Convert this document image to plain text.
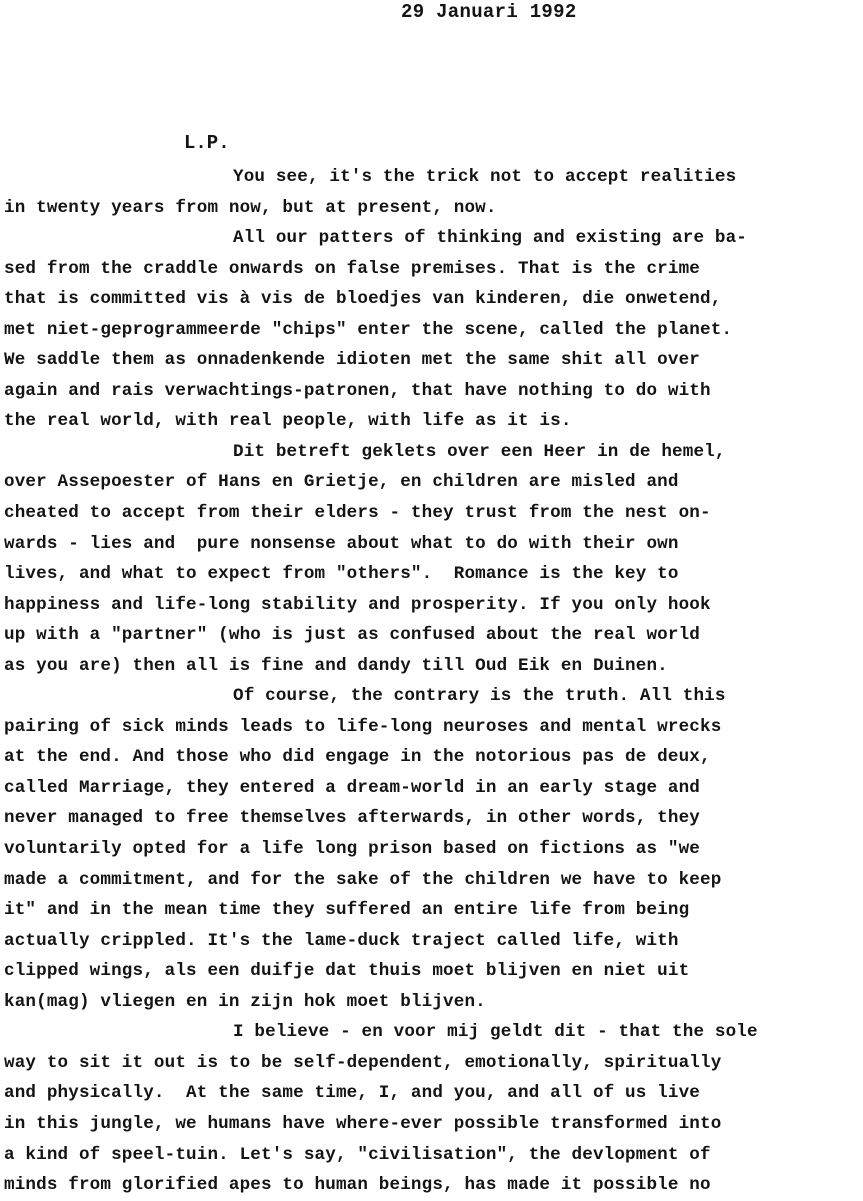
29 Januari 1992
L.P.
You see, it's the trick not to accept realities
in twenty years from now, but at present, now.
All our patters of thinking and existing are ba-
sed from the craddle onwards on false premises. That is the crime
that is committed vis à vis de bloedjes van kinderen, die onwetend,
met niet-geprogrammeerde "chips" enter the scene, called the planet.
We saddle them as onnadenkende idioten met the same shit all over
again and rais verwachtings-patronen, that have nothing to do with
the real world, with real people, with life as it is.
Dit betreft geklets over een Heer in de hemel,
over Assepoester of Hans en Grietje, en children are misled and
cheated to accept from their elders - they trust from the nest on-
wards - lies and  pure nonsense about what to do with their own
lives, and what to expect from "others".  Romance is the key to
happiness and life-long stability and prosperity. If you only hook
up with a "partner" (who is just as confused about the real world
as you are) then all is fine and dandy till Oud Eik en Duinen.
Of course, the contrary is the truth. All this
pairing of sick minds leads to life-long neuroses and mental wrecks
at the end. And those who did engage in the notorious pas de deux,
called Marriage, they entered a dream-world in an early stage and
never managed to free themselves afterwards, in other words, they
voluntarily opted for a life long prison based on fictions as "we
made a commitment, and for the sake of the children we have to keep
it" and in the mean time they suffered an entire life from being
actually crippled. It's the lame-duck traject called life, with
clipped wings, als een duifje dat thuis moet blijven en niet uit
kan(mag) vliegen en in zijn hok moet blijven.
I believe - en voor mij geldt dit - that the sole
way to sit it out is to be self-dependent, emotionally, spiritually
and physically.  At the same time, I, and you, and all of us live
in this jungle, we humans have where-ever possible transformed into
a kind of speel-tuin. Let's say, "civilisation", the devlopment of
minds from glorified apes to human beings, has made it possible no
